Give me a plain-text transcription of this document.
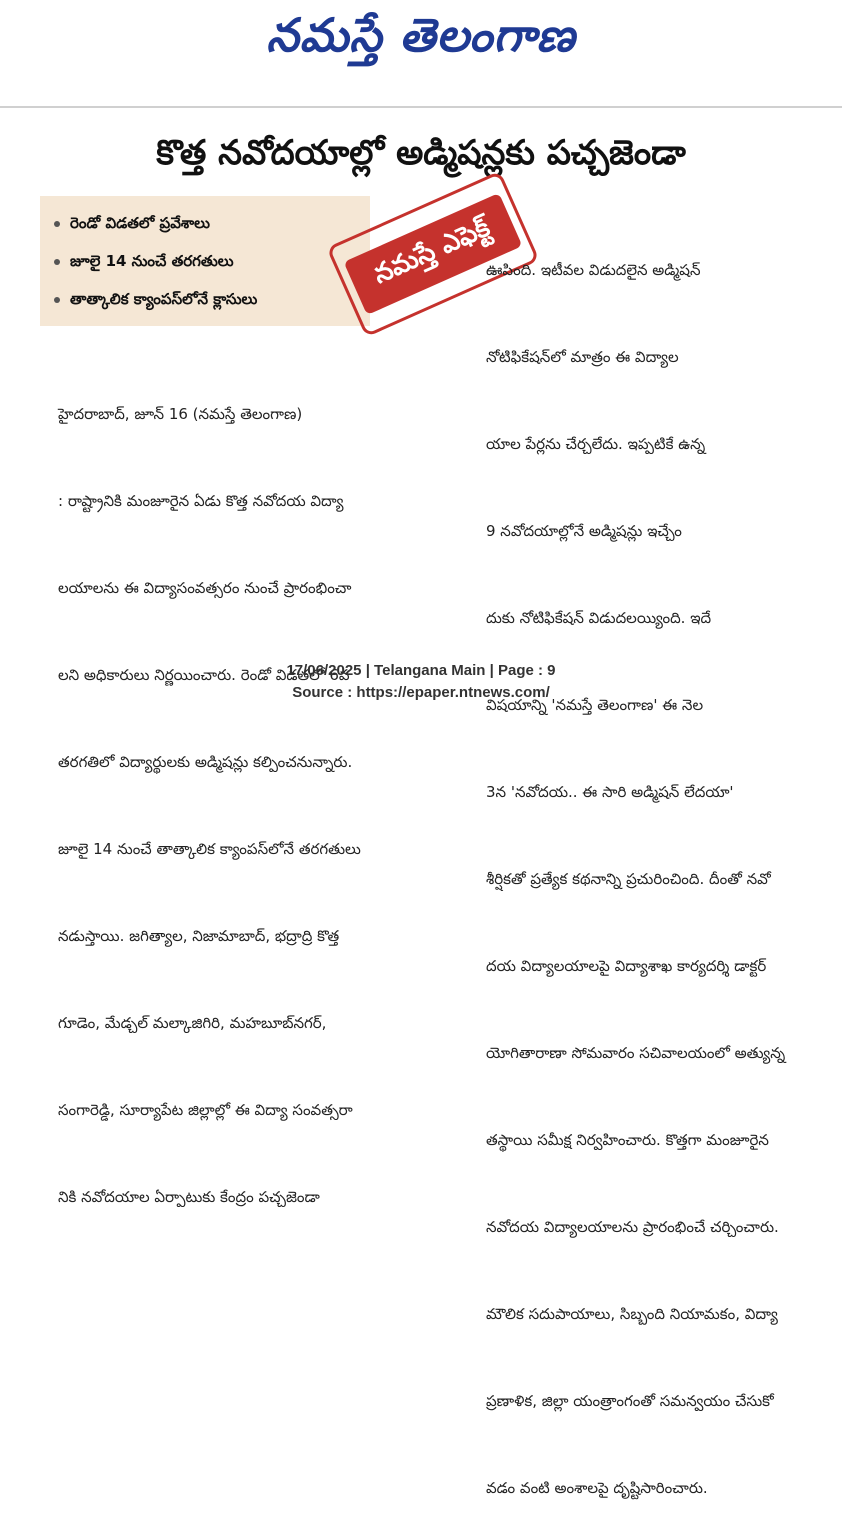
నమస్తే తెలంగాణ
కొత్త నవోదయాల్లో అడ్మిషన్లకు పచ్చజెండా
రెండో విడతలో ప్రవేశాలు
జూలై 14 నుంచే తరగతులు
తాత్కాలిక క్యాంపస్‌లోనే క్లాసులు
నమస్తే ఎఫెక్ట్

హైదరాబాద్, జూన్ 16 (నమస్తే తెలంగాణ)

: రాష్ట్రానికి మంజూరైన ఏడు కొత్త నవోదయ విద్యా

లయాలను ఈ విద్యాసంవత్సరం నుంచే ప్రారంభించా

లని అధికారులు నిర్ణయించారు. రెండో విడతలో 6వ

తరగతిలో విద్యార్థులకు అడ్మిషన్లు కల్పించనున్నారు.

జూలై 14 నుంచే తాత్కాలిక క్యాంపస్‌లోనే తరగతులు

నడుస్తాయి. జగిత్యాల, నిజామాబాద్, భద్రాద్రి కొత్త

గూడెం, మేడ్చల్ మల్కాజిగిరి, మహబూబ్‌నగర్,

సంగారెడ్డి, సూర్యాపేట జిల్లాల్లో ఈ విద్యా సంవత్సరా

నికి నవోదయాల ఏర్పాటుకు కేంద్రం పచ్చజెండా

ఊపింది. ఇటీవల విడుదలైన అడ్మిషన్

నోటిఫికేషన్‌లో మాత్రం ఈ విద్యాల

యాల పేర్లను చేర్చలేదు. ఇప్పటికే ఉన్న

9 నవోదయాల్లోనే అడ్మిషన్లు ఇచ్చేం

దుకు నోటిఫికేషన్ విడుదలయ్యింది. ఇదే

విషయాన్ని 'నమస్తే తెలంగాణ' ఈ నెల

3న 'నవోదయ.. ఈ సారి అడ్మిషన్ లేదయా'

శీర్షికతో ప్రత్యేక కథనాన్ని ప్రచురించింది. దీంతో నవో

దయ విద్యాలయాలపై విద్యాశాఖ కార్యదర్శి డాక్టర్

యోగితారాణా సోమవారం సచివాలయంలో అత్యున్న

తస్థాయి సమీక్ష నిర్వహించారు. కొత్తగా మంజూరైన

నవోదయ విద్యాలయాలను ప్రారంభించే చర్చించారు.

మౌలిక సదుపాయాలు, సిబ్బంది నియామకం, విద్యా

ప్రణాళిక, జిల్లా యంత్రాంగంతో సమన్వయం చేసుకో

వడం వంటి అంశాలపై దృష్టిసారించారు.

17/06/2025 | Telangana Main | Page : 9
Source : https://epaper.ntnews.com/
